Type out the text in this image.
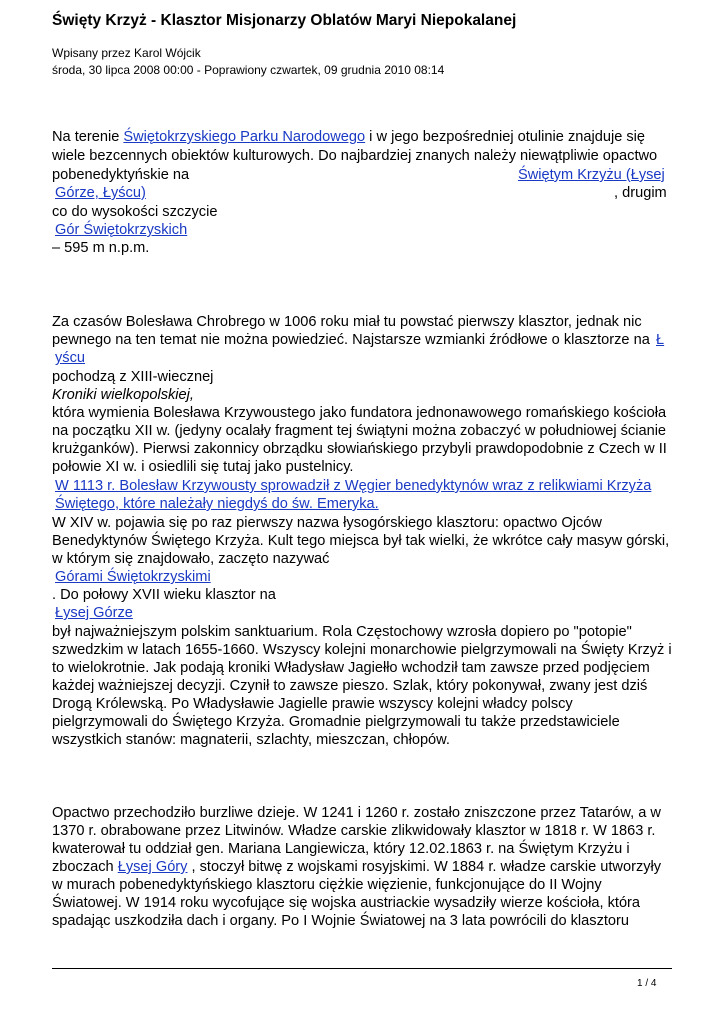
Święty Krzyż - Klasztor Misjonarzy Oblatów Maryi Niepokalanej
Wpisany przez Karol Wójcik
środa, 30 lipca 2008 00:00 - Poprawiony czwartek, 09 grudnia 2010 08:14
Na terenie Świętokrzyskiego Parku Narodowego i w jego bezpośredniej otulinie znajduje się
wiele bezcennych obiektów kulturowych. Do najbardziej znanych należy niewątpliwie opactwo
pobenedyktyńskie na	Świętym Krzyżu (Łysej
Górze, Łyścu)	, drugim
co do wysokości szczycie
Gór Świętokrzyskich
– 595 m n.p.m.
Za czasów Bolesława Chrobrego w 1006 roku miał tu powstać pierwszy klasztor, jednak nic
pewnego na ten temat nie można powiedzieć. Najstarsze wzmianki źródłowe o klasztorze na Ł
yścu
pochodzą z XIII-wiecznej
Kroniki wielkopolskiej,
która wymienia Bolesława Krzywoustego jako fundatora jednonawowego romańskiego kościoła
na początku XII w. (jedyny ocalały fragment tej świątyni można zobaczyć w południowej ścianie
krużganków). Pierwsi zakonnicy obrządku słowiańskiego przybyli prawdopodobnie z Czech w II
połowie XI w. i osiedlili się tutaj jako pustelnicy.
W 1113 r. Bolesław Krzywousty sprowadził z Węgier benedyktynów wraz z relikwiami Krzyża
Świętego, które należały niegdyś do św. Emeryka.
W XIV w. pojawia się po raz pierwszy nazwa łysogórskiego klasztoru: opactwo Ojców
Benedyktynów Świętego Krzyża. Kult tego miejsca był tak wielki, że wkrótce cały masyw górski,
w którym się znajdowało, zaczęto nazywać
Górami Świętokrzyskimi
. Do połowy XVII wieku klasztor na
Łysej Górze
był najważniejszym polskim sanktuarium. Rola Częstochowy wzrosła dopiero po "potopie"
szwedzkim w latach 1655-1660. Wszyscy kolejni monarchowie pielgrzymowali na Święty Krzyż i
to wielokrotnie. Jak podają kroniki Władysław Jagiełło wchodził tam zawsze przed podjęciem
każdej ważniejszej decyzji. Czynił to zawsze pieszo. Szlak, który pokonywał, zwany jest dziś
Drogą Królewską. Po Władysławie Jagielle prawie wszyscy kolejni władcy polscy
pielgrzymowali do Świętego Krzyża. Gromadnie pielgrzymowali tu także przedstawiciele
wszystkich stanów: magnaterii, szlachty, mieszczan, chłopów.
Opactwo przechodziło burzliwe dzieje. W 1241 i 1260 r. zostało zniszczone przez Tatarów, a w
1370 r. obrabowane przez Litwinów. Władze carskie zlikwidowały klasztor w 1818 r. W 1863 r.
kwaterował tu oddział gen. Mariana Langiewicza, który 12.02.1863 r. na Świętym Krzyżu i
zboczach Łysej Góry , stoczył bitwę z wojskami rosyjskimi. W 1884 r. władze carskie utworzyły
w murach pobenedyktyńskiego klasztoru ciężkie więzienie, funkcjonujące do II Wojny
Światowej. W 1914 roku wycofujące się wojska austriackie wysadziły wierze kościoła, która
spadając uszkodziła dach i organy. Po I Wojnie Światowej na 3 lata powrócili do klasztoru
1 / 4
